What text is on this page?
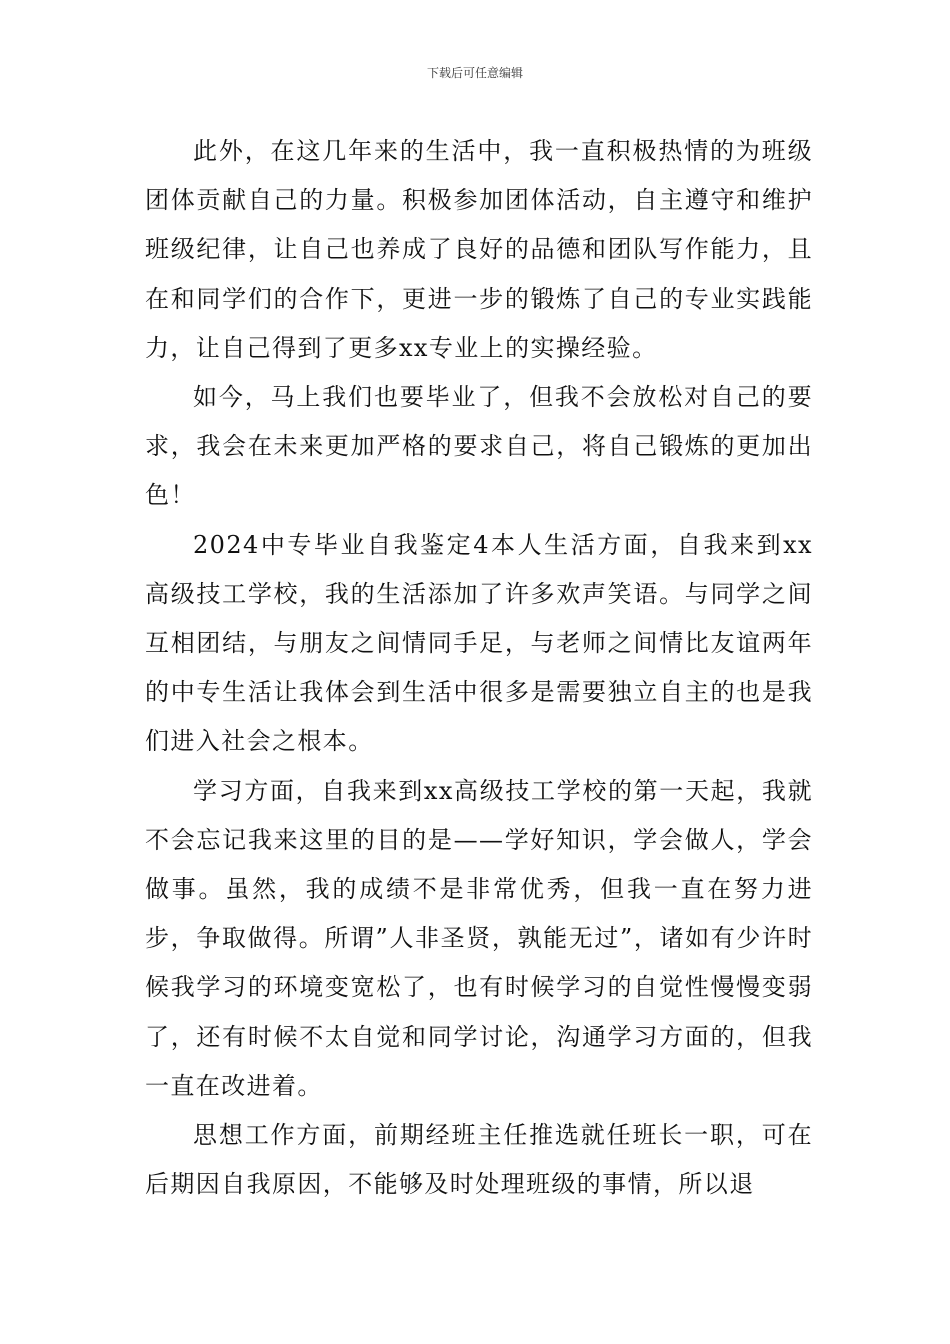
下载后可任意编辑

此外，在这几年来的生活中，我一直积极热情的为班级团体贡献自己的力量。积极参加团体活动，自主遵守和维护班级纪律，让自己也养成了良好的品德和团队写作能力，且在和同学们的合作下，更进一步的锻炼了自己的专业实践能力，让自己得到了更多xx专业上的实操经验。

如今，马上我们也要毕业了，但我不会放松对自己的要求，我会在未来更加严格的要求自己，将自己锻炼的更加出色！

2024中专毕业自我鉴定4本人生活方面，自我来到xx高级技工学校，我的生活添加了许多欢声笑语。与同学之间互相团结，与朋友之间情同手足，与老师之间情比友谊两年的中专生活让我体会到生活中很多是需要独立自主的也是我们进入社会之根本。

学习方面，自我来到xx高级技工学校的第一天起，我就不会忘记我来这里的目的是——学好知识，学会做人，学会做事。虽然，我的成绩不是非常优秀，但我一直在努力进步，争取做得。所谓”人非圣贤，孰能无过”，诸如有少许时候我学习的环境变宽松了，也有时候学习的自觉性慢慢变弱了，还有时候不太自觉和同学讨论，沟通学习方面的，但我一直在改进着。

思想工作方面，前期经班主任推选就任班长一职，可在后期因自我原因，不能够及时处理班级的事情，所以退
